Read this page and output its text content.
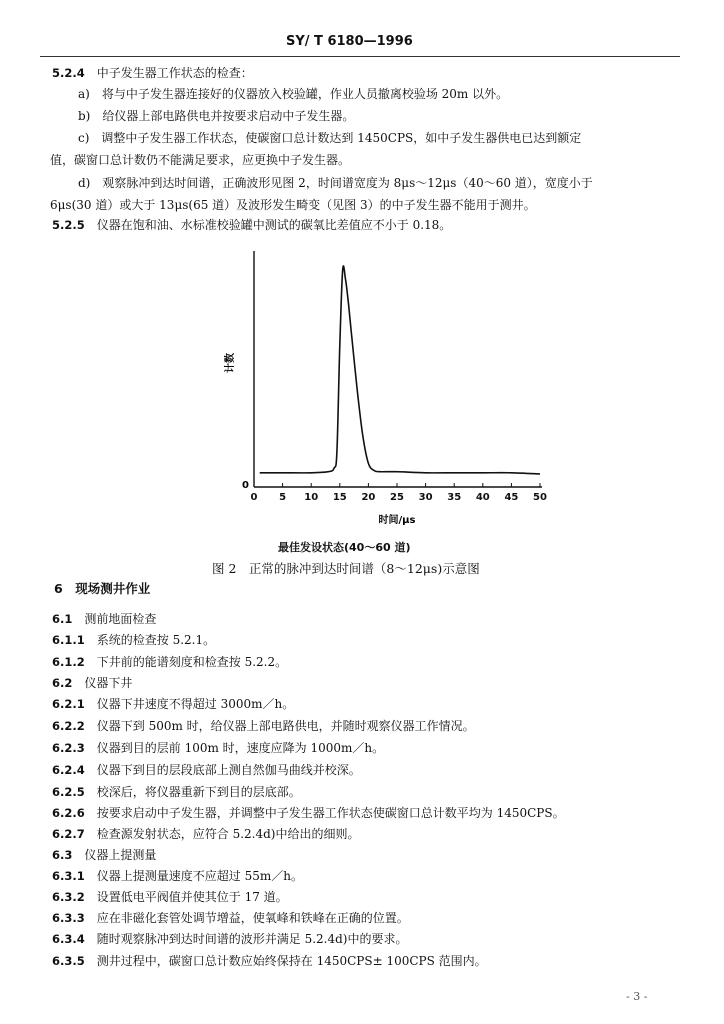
SY/ T 6180—1996
5.2.4　 中子发生器工作状态的检查：
a)　将与中子发生器连接好的仪器放入校验罐，作业人员撤离校验场 20m 以外。
b)　给仪器上部电路供电并按要求启动中子发生器。
c)　调整中子发生器工作状态，使碳窗口总计数达到 1450CPS，如中子发生器供电已达到额定
值，碳窗口总计数仍不能满足要求，应更换中子发生器。
d)　观察脉冲到达时间谱，正确波形见图 2，时间谱宽度为 8μs～12μs（40～60 道），宽度小于
6μs(30 道）或大于 13μs(65 道）及波形发生畸变（见图 3）的中子发生器不能用于测井。
5.2.5　 仪器在饱和油、水标准校验罐中测试的碳氧比差值应不小于 0.18。
0 5 10 15 20 25 30 35 40 45 50
计数
0
时间/μs
最佳发设状态(40～60 道)
图 2　正常的脉冲到达时间谱（8～12μs)示意图
6　 现场测井作业
6.1　 测前地面检查
6.1.1　 系统的检查按 5.2.1。
6.1.2　 下井前的能谱刻度和检查按 5.2.2。
6.2　 仪器下井
6.2.1　 仪器下井速度不得超过 3000m／h。
6.2.2　 仪器下到 500m 时，给仪器上部电路供电，并随时观察仪器工作情况。
6.2.3　 仪器到目的层前 100m 时，速度应降为 1000m／h。
6.2.4　 仪器下到目的层段底部上测自然伽马曲线并校深。
6.2.5　 校深后，将仪器重新下到目的层底部。
6.2.6　 按要求启动中子发生器，并调整中子发生器工作状态使碳窗口总计数平均为 1450CPS。
6.2.7　 检查源发射状态，应符合 5.2.4d)中给出的细则。
6.3　 仪器上提测量
6.3.1　 仪器上提测量速度不应超过 55m／h。
6.3.2　 设置低电平阀值并使其位于 17 道。
6.3.3　 应在非磁化套管处调节增益，使氧峰和铁峰在正确的位置。
6.3.4　 随时观察脉冲到达时间谱的波形并满足 5.2.4d)中的要求。
6.3.5　 测井过程中，碳窗口总计数应始终保持在 1450CPS± 100CPS 范围内。
- 3 -
